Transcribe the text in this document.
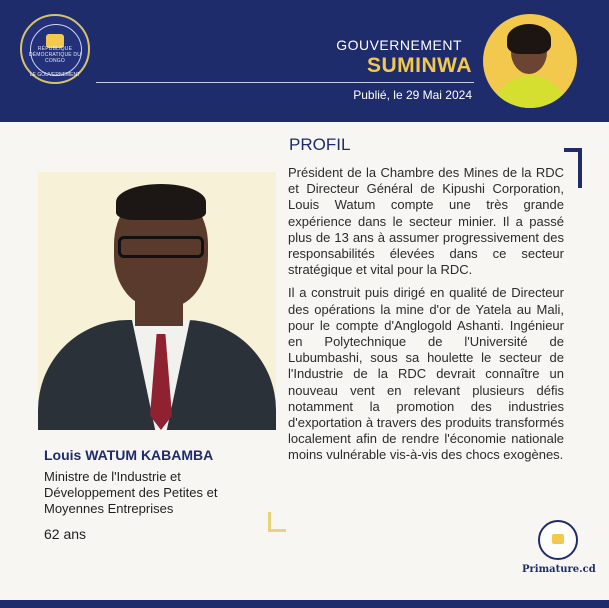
RÉPUBLIQUE DÉMOCRATIQUE DU CONGO
LE GOUVERNEMENT
GOUVERNEMENT
SUMINWA
Publié, le 29 Mai 2024
PROFIL

Président de la Chambre des Mines de la RDC et Directeur Général de Kipushi Corporation, Louis Watum compte une très grande expérience dans le secteur minier. Il a passé plus de 13 ans à assumer progressivement des responsabilités élevées dans ce secteur stratégique et vital pour la RDC.

Il a construit puis dirigé en qualité de Directeur des opérations la mine d'or de Yatela au Mali, pour le compte d'Anglogold Ashanti. Ingénieur en Polytechnique de l'Université de Lubumbashi, sous sa houlette le secteur de l'Industrie de la RDC devrait connaître un nouveau vent en relevant plusieurs défis notamment la promotion des industries d'exportation à travers des produits transformés localement afin de rendre l'économie nationale moins vulnérable vis-à-vis des chocs exogènes.

Louis WATUM KABAMBA
Ministre de l'Industrie et Développement des Petites et Moyennes Entreprises
62 ans
Primature.cd
